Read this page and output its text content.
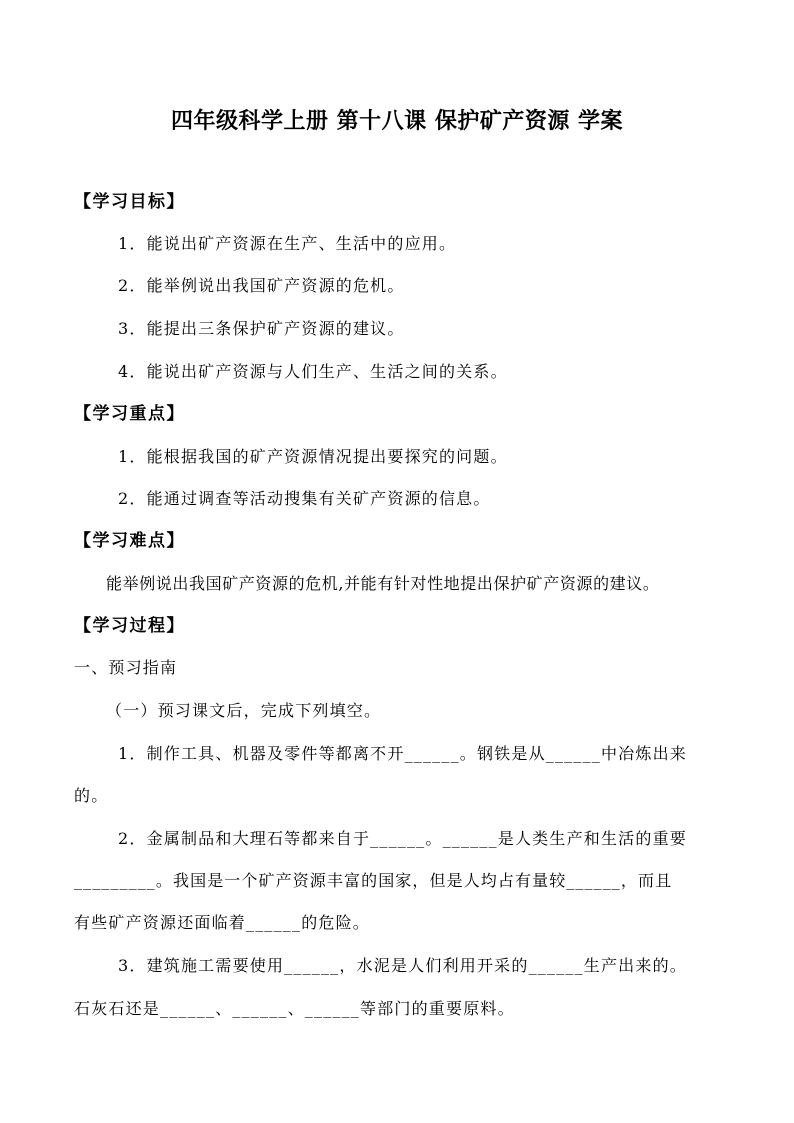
四年级科学上册 第十八课 保护矿产资源 学案
【学习目标】
1．能说出矿产资源在生产、生活中的应用。
2．能举例说出我国矿产资源的危机。
3．能提出三条保护矿产资源的建议。
4．能说出矿产资源与人们生产、生活之间的关系。
【学习重点】
1．能根据我国的矿产资源情况提出要探究的问题。
2．能通过调查等活动搜集有关矿产资源的信息。
【学习难点】
能举例说出我国矿产资源的危机,并能有针对性地提出保护矿产资源的建议。
【学习过程】
一、预习指南
（一）预习课文后，完成下列填空。
1．制作工具、机器及零件等都离不开______。钢铁是从______中冶炼出来
的。
2．金属制品和大理石等都来自于______。______是人类生产和生活的重要
_________。我国是一个矿产资源丰富的国家，但是人均占有量较______，而且
有些矿产资源还面临着______的危险。
3．建筑施工需要使用______，水泥是人们利用开采的______生产出来的。
石灰石还是______、______、______等部门的重要原料。
